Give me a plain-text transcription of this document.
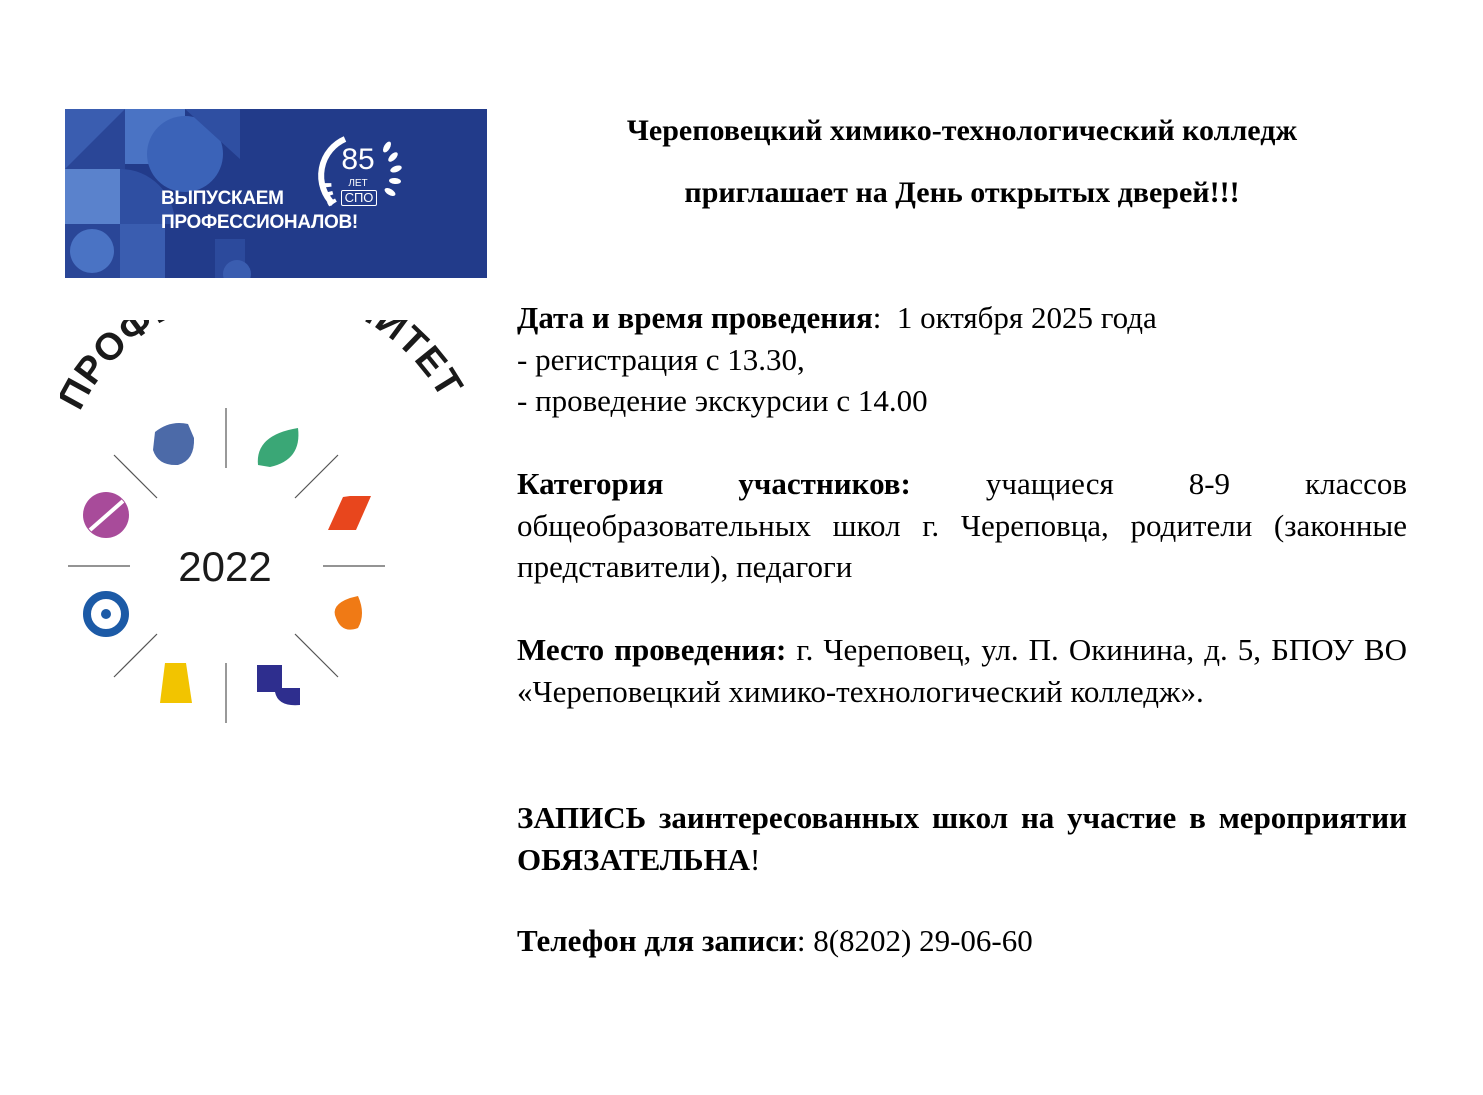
85
ЛЕТ
СПО
ВЫПУСКАЕМ
ПРОФЕССИОНАЛОВ!
РОФ ИТЕТ
2022
Череповецкий химико-технологический колледж
приглашает на День открытых дверей!!!
Дата и время проведения:  1 октября 2025 года
- регистрация с 13.30,
- проведение экскурсии с 14.00
Категория участников: учащиеся 8-9 классов общеобразовательных школ г. Череповца, родители (законные представители), педагоги
Место проведения: г. Череповец, ул. П. Окинина, д. 5, БПОУ ВО «Череповецкий химико-технологический колледж».
ЗАПИСЬ заинтересованных школ на участие в мероприятии ОБЯЗАТЕЛЬНА!
Телефон для записи: 8(8202) 29-06-60
